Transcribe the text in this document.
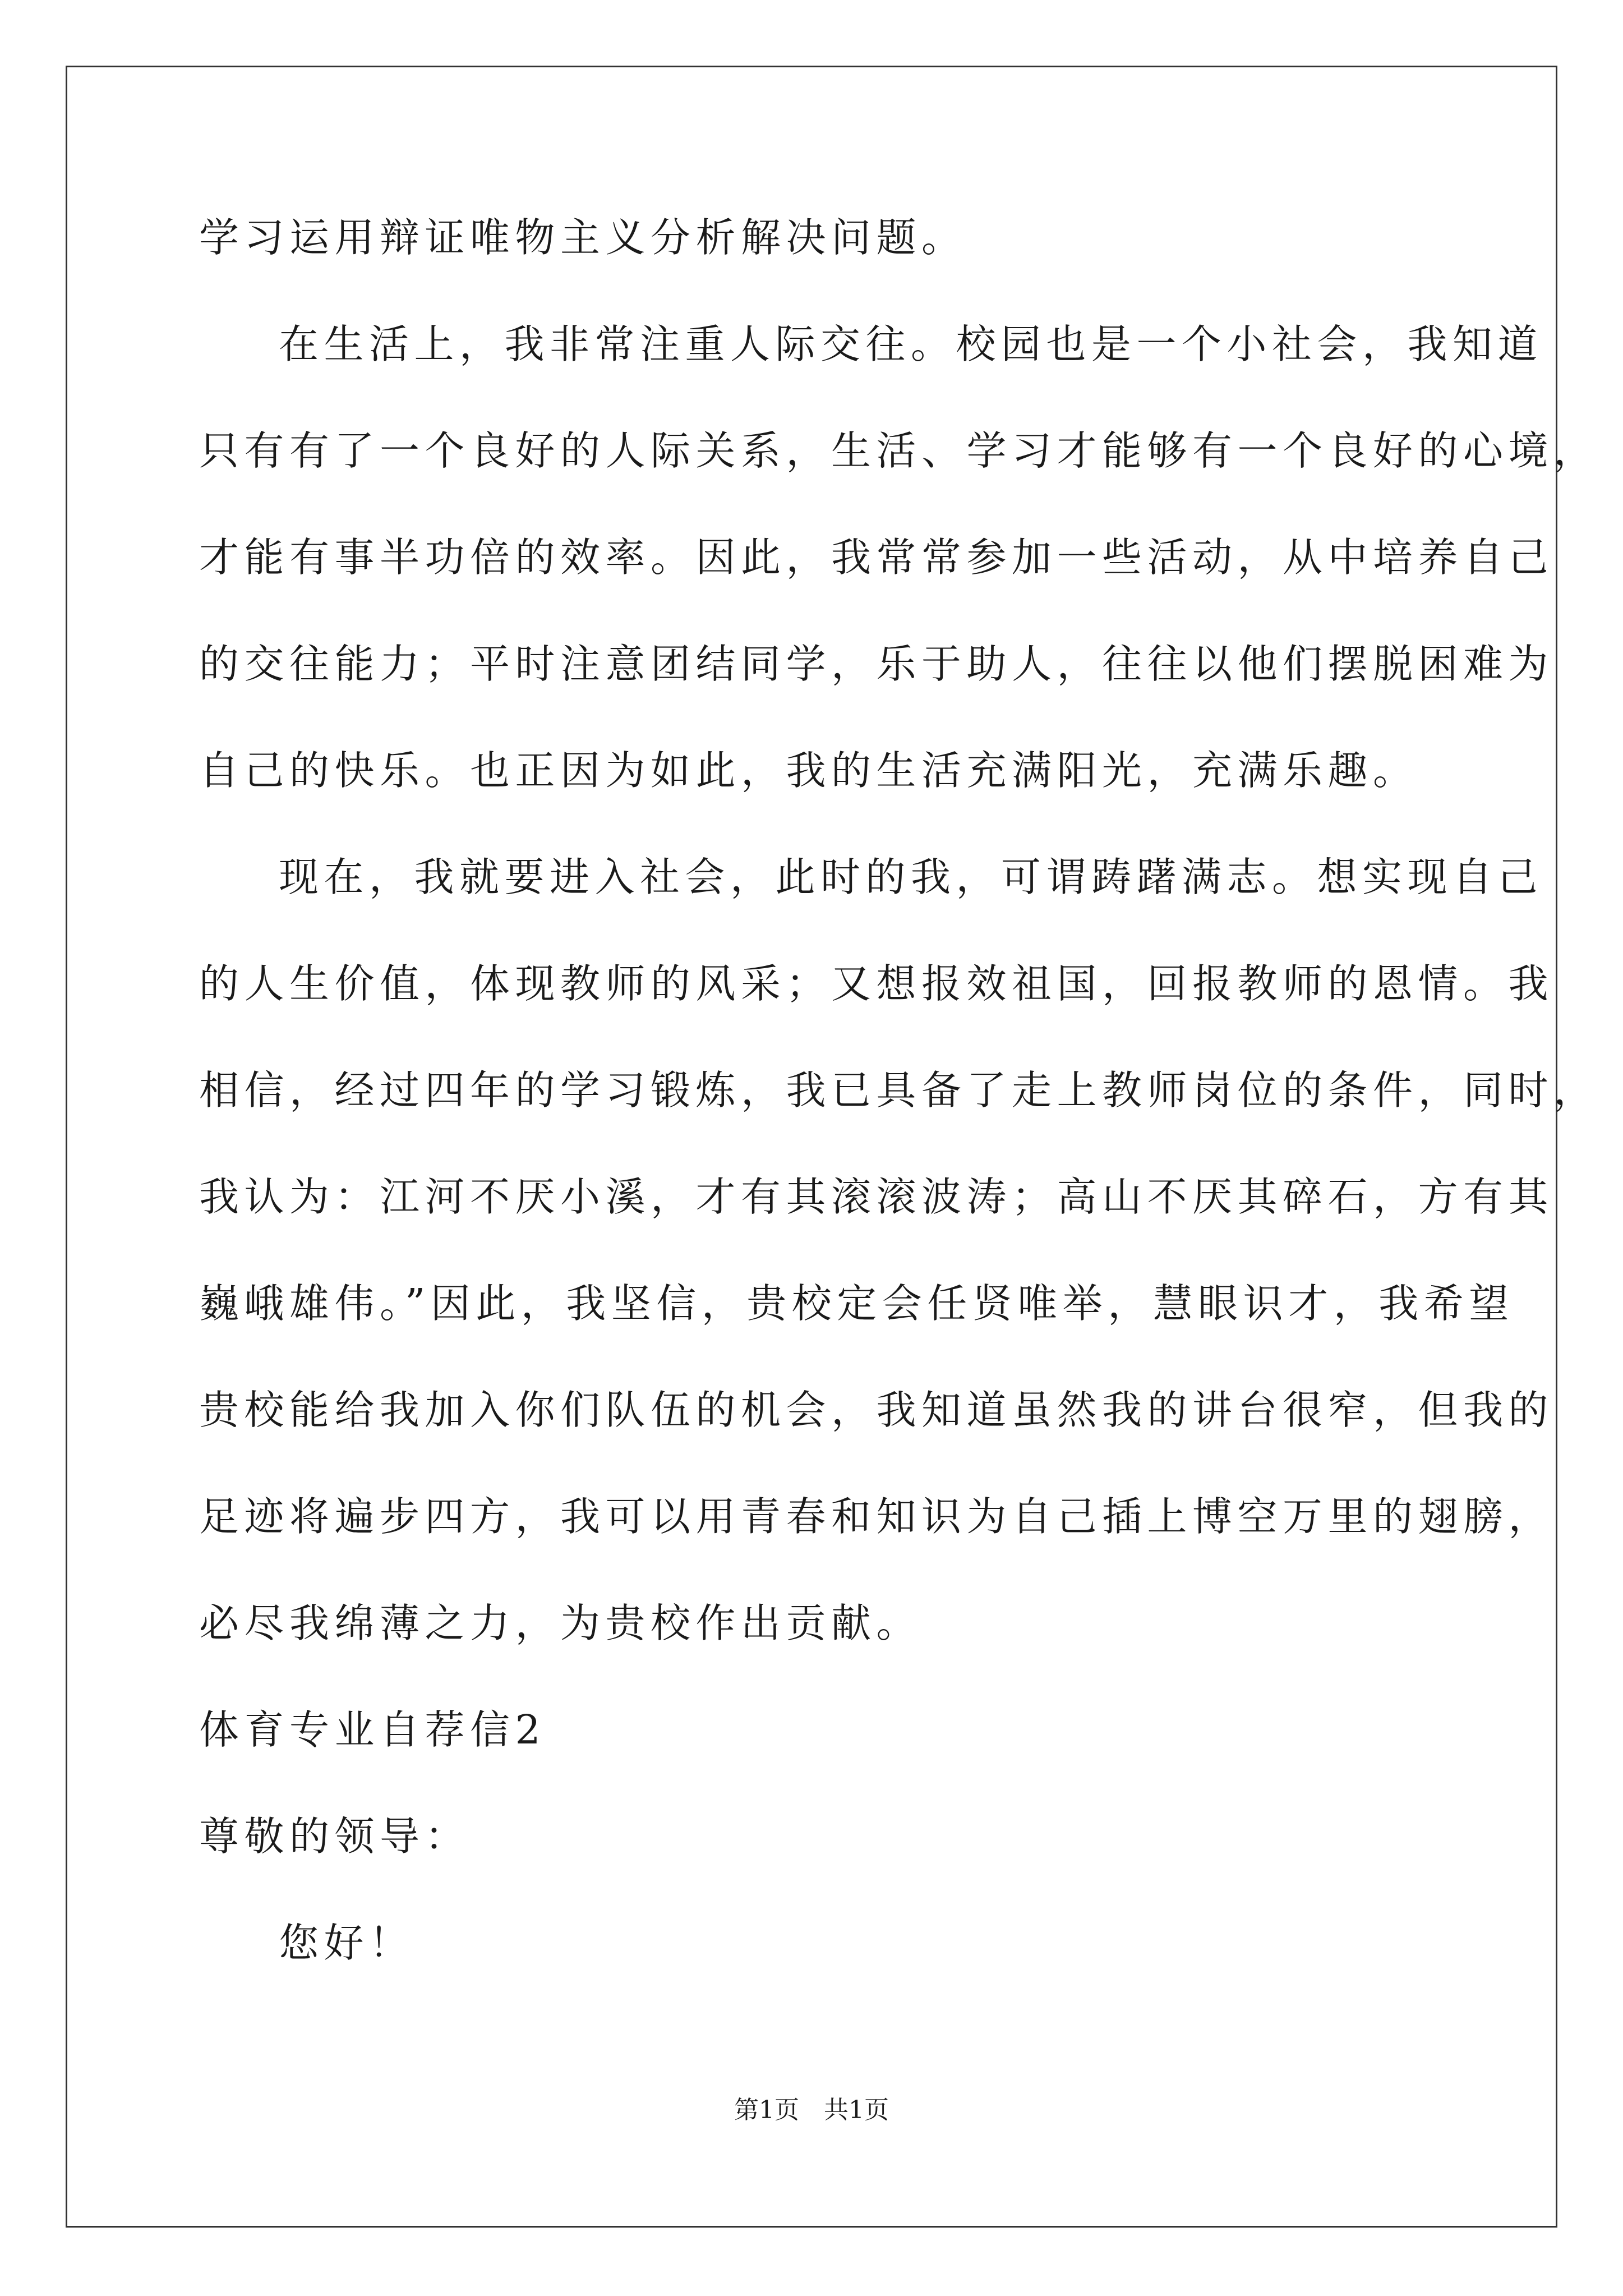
学习运用辩证唯物主义分析解决问题。
在生活上，我非常注重人际交往。校园也是一个小社会，我知道
只有有了一个良好的人际关系，生活、学习才能够有一个良好的心境，
才能有事半功倍的效率。因此，我常常参加一些活动，从中培养自己
的交往能力；平时注意团结同学，乐于助人，往往以他们摆脱困难为
自己的快乐。也正因为如此，我的生活充满阳光，充满乐趣。
现在，我就要进入社会，此时的我，可谓踌躇满志。想实现自己
的人生价值，体现教师的风采；又想报效祖国，回报教师的恩情。我
相信，经过四年的学习锻炼，我已具备了走上教师岗位的条件，同时，
我认为：江河不厌小溪，才有其滚滚波涛；高山不厌其碎石，方有其
巍峨雄伟。”因此，我坚信，贵校定会任贤唯举，慧眼识才，我希望
贵校能给我加入你们队伍的机会，我知道虽然我的讲台很窄，但我的
足迹将遍步四方，我可以用青春和知识为自己插上博空万里的翅膀，
必尽我绵薄之力，为贵校作出贡献。
体育专业自荐信2
尊敬的领导：
您好！
第1页　共1页
